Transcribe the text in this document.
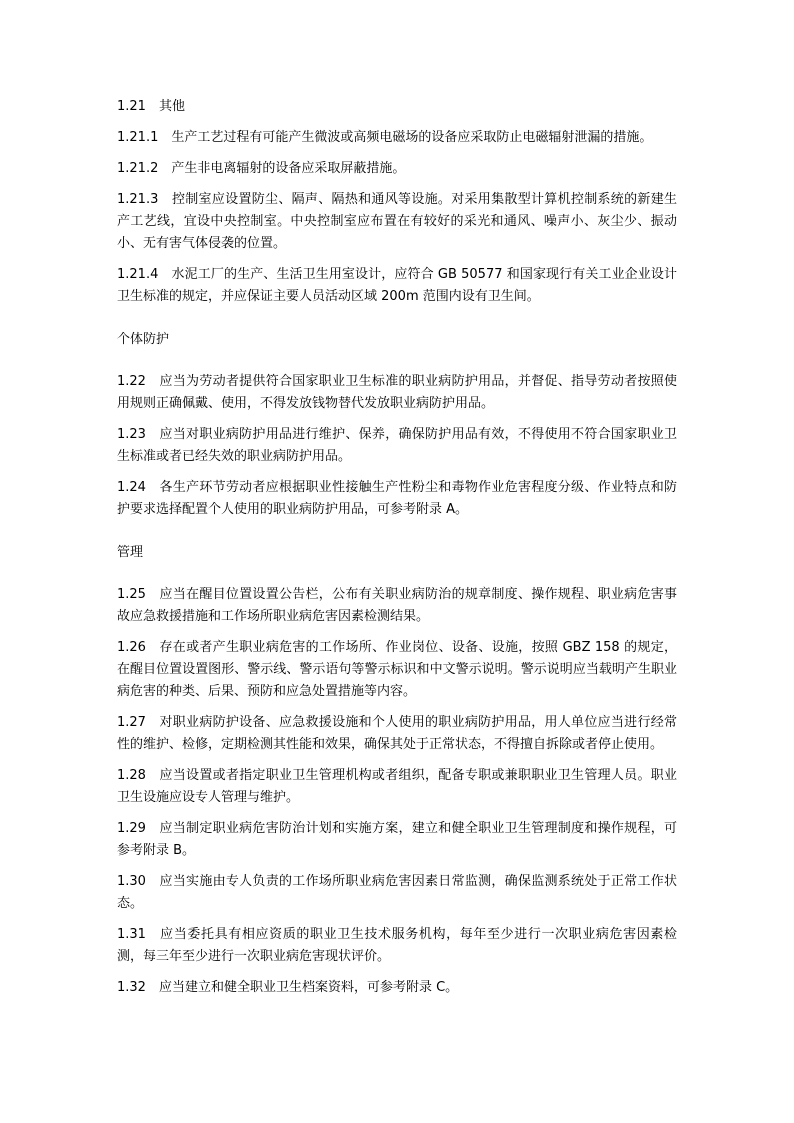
1.21　其他

1.21.1　生产工艺过程有可能产生微波或高频电磁场的设备应采取防止电磁辐射泄漏的措施。

1.21.2　产生非电离辐射的设备应采取屏蔽措施。

1.21.3　控制室应设置防尘、隔声、隔热和通风等设施。对采用集散型计算机控制系统的新建生产工艺线，宜设中央控制室。中央控制室应布置在有较好的采光和通风、噪声小、灰尘少、振动小、无有害气体侵袭的位置。

1.21.4　水泥工厂的生产、生活卫生用室设计，应符合 GB 50577 和国家现行有关工业企业设计卫生标准的规定，并应保证主要人员活动区域 200m 范围内设有卫生间。

个体防护

1.22　应当为劳动者提供符合国家职业卫生标准的职业病防护用品，并督促、指导劳动者按照使用规则正确佩戴、使用，不得发放钱物替代发放职业病防护用品。

1.23　应当对职业病防护用品进行维护、保养，确保防护用品有效，不得使用不符合国家职业卫生标准或者已经失效的职业病防护用品。

1.24　各生产环节劳动者应根据职业性接触生产性粉尘和毒物作业危害程度分级、作业特点和防护要求选择配置个人使用的职业病防护用品，可参考附录 A。

管理

1.25　应当在醒目位置设置公告栏，公布有关职业病防治的规章制度、操作规程、职业病危害事故应急救援措施和工作场所职业病危害因素检测结果。

1.26　存在或者产生职业病危害的工作场所、作业岗位、设备、设施，按照 GBZ 158 的规定，在醒目位置设置图形、警示线、警示语句等警示标识和中文警示说明。警示说明应当载明产生职业病危害的种类、后果、预防和应急处置措施等内容。

1.27　对职业病防护设备、应急救援设施和个人使用的职业病防护用品，用人单位应当进行经常性的维护、检修，定期检测其性能和效果，确保其处于正常状态，不得擅自拆除或者停止使用。

1.28　应当设置或者指定职业卫生管理机构或者组织，配备专职或兼职职业卫生管理人员。职业卫生设施应设专人管理与维护。

1.29　应当制定职业病危害防治计划和实施方案，建立和健全职业卫生管理制度和操作规程，可参考附录 B。

1.30　应当实施由专人负责的工作场所职业病危害因素日常监测，确保监测系统处于正常工作状态。

1.31　应当委托具有相应资质的职业卫生技术服务机构，每年至少进行一次职业病危害因素检测，每三年至少进行一次职业病危害现状评价。

1.32　应当建立和健全职业卫生档案资料，可参考附录 C。
